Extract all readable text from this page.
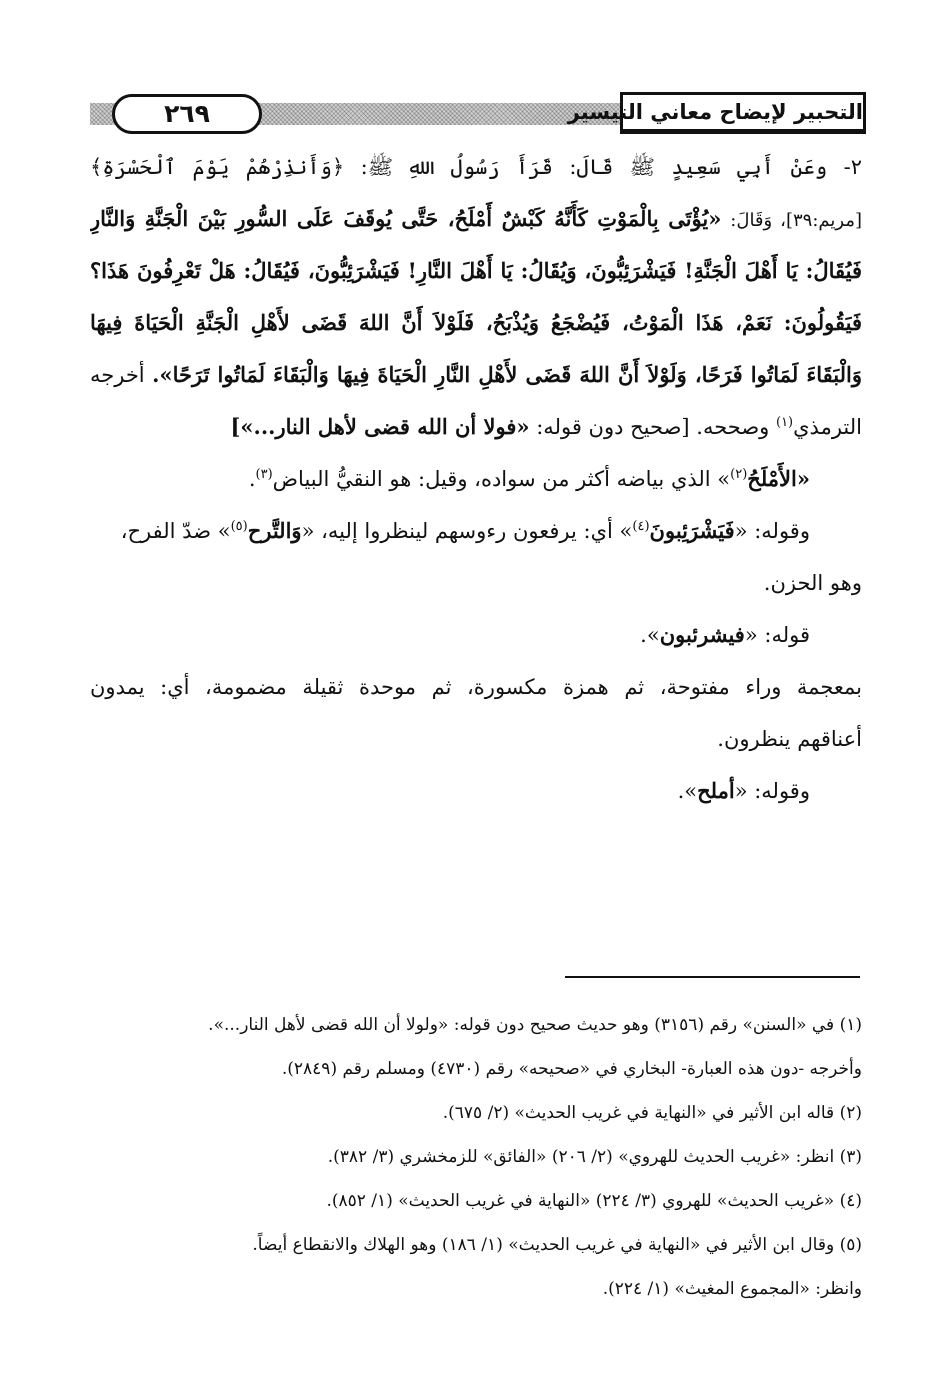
٢٦٩	التحبير لإيضاح معاني التيسير
٢- وعَنْ أَبِي سَعِيدٍ ﷺ قَالَ: قَرَأَ رَسُولُ اللهِ ﷺ: ﴿وَأَنذِرْهُمْ يَوْمَ ٱلْحَسْرَةِ﴾
[مريم:٣٩]، وَقَالَ: «يُؤْتَى بِالْمَوْتِ كَأَنَّهُ كَبْشٌ أَمْلَحُ، حَتَّى يُوقَفَ عَلَى السُّورِ بَيْنَ الْجَنَّةِ وَالنَّارِ
فَيُقَالُ: يَا أَهْلَ الْجَنَّةِ! فَيَشْرَئِبُّونَ، وَيُقَالُ: يَا أَهْلَ النَّارِ! فَيَشْرَئِبُّونَ، فَيُقَالُ: هَلْ تَعْرِفُونَ هَذَا؟
فَيَقُولُونَ: نَعَمْ، هَذَا الْمَوْتُ، فَيُضْجَعُ وَيُذْبَحُ، فَلَوْلاَ أَنَّ اللهَ قَضَى لأَهْلِ الْجَنَّةِ الْحَيَاةَ فِيهَا
وَالْبَقَاءَ لَمَاتُوا فَرَحًا، وَلَوْلاَ أَنَّ اللهَ قَضَى لأَهْلِ النَّارِ الْحَيَاةَ فِيهَا وَالْبَقَاءَ لَمَاتُوا تَرَحًا». أخرجه
الترمذي$^{(١)}$ وصححه. [صحيح دون قوله: «فولا أن الله قضى لأهل النار...»]
«الأَمْلَحُ$^{(٢)}$» الذي بياضه أكثر من سواده، وقيل: هو النقيُّ البياض$^{(٣)}$.
وقوله: «فَيَشْرَئِبونَ$^{(٤)}$» أي: يرفعون رءوسهم لينظروا إليه، «وَالتَّرح$^{(٥)}$» ضدّ الفرح،
وهو الحزن.
قوله: «فيشرئبون».
بمعجمة وراء مفتوحة، ثم همزة مكسورة، ثم موحدة ثقيلة مضمومة، أي: يمدون
أعناقهم ينظرون.
وقوله: «أملح».
(١) في «السنن» رقم (٣١٥٦) وهو حديث صحيح دون قوله: «ولولا أن الله قضى لأهل النار...».
وأخرجه -دون هذه العبارة- البخاري في «صحيحه» رقم (٤٧٣٠) ومسلم رقم (٢٨٤٩).
(٢) قاله ابن الأثير في «النهاية في غريب الحديث» (٢/ ٦٧٥).
(٣) انظر: «غريب الحديث للهروي» (٢/ ٢٠٦) «الفائق» للزمخشري (٣/ ٣٨٢).
(٤) «غريب الحديث» للهروي (٣/ ٢٢٤) «النهاية في غريب الحديث» (١/ ٨٥٢).
(٥) وقال ابن الأثير في «النهاية في غريب الحديث» (١/ ١٨٦) وهو الهلاك والانقطاع أيضاً.
وانظر: «المجموع المغيث» (١/ ٢٢٤).
